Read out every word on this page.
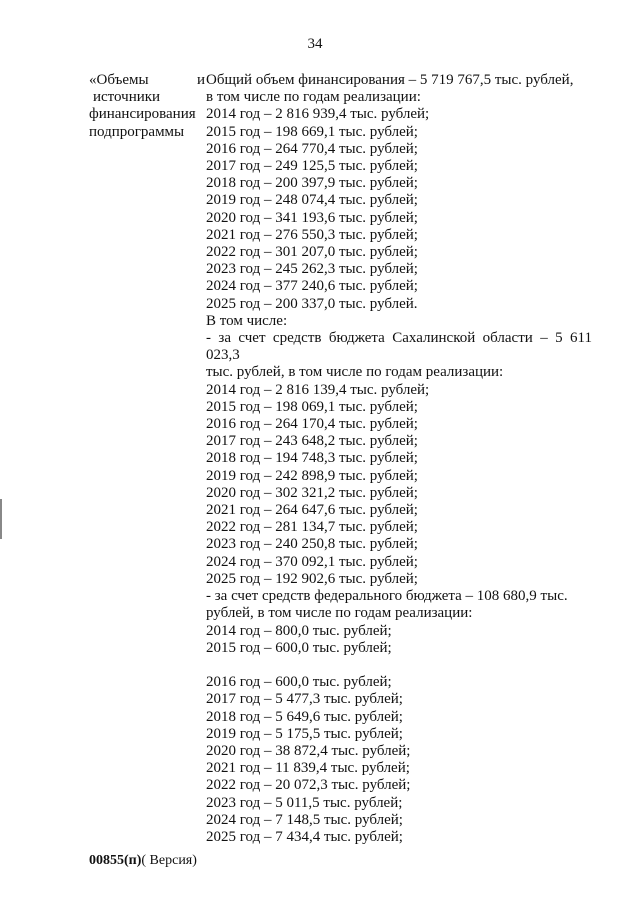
34
«Объемы	и
источники
финансирования
подпрограммы
Общий объем финансирования – 5 719 767,5 тыс. рублей,
в том числе по годам реализации:
2014 год – 2 816 939,4 тыс. рублей;
2015 год – 198 669,1 тыс. рублей;
2016 год – 264 770,4 тыс. рублей;
2017 год – 249 125,5 тыс. рублей;
2018 год – 200 397,9 тыс. рублей;
2019 год – 248 074,4 тыс. рублей;
2020 год – 341 193,6 тыс. рублей;
2021 год – 276 550,3 тыс. рублей;
2022 год – 301 207,0 тыс. рублей;
2023 год – 245 262,3 тыс. рублей;
2024 год – 377 240,6 тыс. рублей;
2025 год – 200 337,0 тыс. рублей.
В том числе:
- за счет средств бюджета Сахалинской области – 5 611 023,3
тыс. рублей, в том числе по годам реализации:
2014 год – 2 816 139,4 тыс. рублей;
2015 год – 198 069,1 тыс. рублей;
2016 год – 264 170,4 тыс. рублей;
2017 год – 243 648,2 тыс. рублей;
2018 год – 194 748,3 тыс. рублей;
2019 год – 242 898,9 тыс. рублей;
2020 год – 302 321,2 тыс. рублей;
2021 год – 264 647,6 тыс. рублей;
2022 год – 281 134,7 тыс. рублей;
2023 год – 240 250,8 тыс. рублей;
2024 год – 370 092,1 тыс. рублей;
2025 год – 192 902,6 тыс. рублей;
- за счет средств федерального бюджета – 108 680,9 тыс.
рублей, в том числе по годам реализации:
2014 год – 800,0 тыс. рублей;
2015 год – 600,0 тыс. рублей;
2016 год – 600,0 тыс. рублей;
2017 год – 5 477,3 тыс. рублей;
2018 год – 5 649,6 тыс. рублей;
2019 год – 5 175,5 тыс. рублей;
2020 год – 38 872,4 тыс. рублей;
2021 год – 11 839,4 тыс. рублей;
2022 год – 20 072,3 тыс. рублей;
2023 год – 5 011,5 тыс. рублей;
2024 год – 7 148,5 тыс. рублей;
2025 год – 7 434,4 тыс. рублей;
00855(п)( Версия)
